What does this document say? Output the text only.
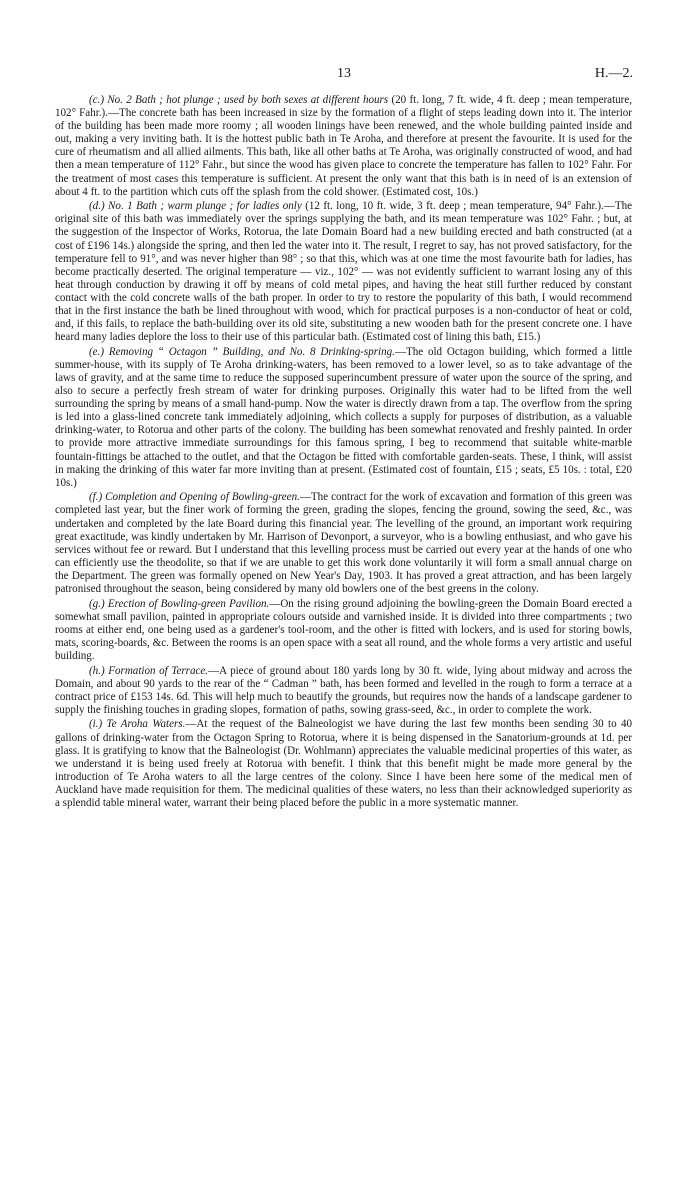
13	H.—2.

(c.) No. 2 Bath ; hot plunge ; used by both sexes at different hours (20 ft. long, 7 ft. wide, 4 ft. deep ; mean temperature, 102° Fahr.).—The concrete bath has been increased in size by the formation of a flight of steps leading down into it. The interior of the building has been made more roomy ; all wooden linings have been renewed, and the whole building painted inside and out, making a very inviting bath. It is the hottest public bath in Te Aroha, and therefore at present the favourite. It is used for the cure of rheumatism and all allied ailments. This bath, like all other baths at Te Aroha, was originally constructed of wood, and had then a mean temperature of 112° Fahr., but since the wood has given place to concrete the temperature has fallen to 102° Fahr. For the treatment of most cases this temperature is sufficient. At present the only want that this bath is in need of is an extension of about 4 ft. to the partition which cuts off the splash from the cold shower. (Estimated cost, 10s.)

(d.) No. 1 Bath ; warm plunge ; for ladies only (12 ft. long, 10 ft. wide, 3 ft. deep ; mean temperature, 94° Fahr.).—The original site of this bath was immediately over the springs supplying the bath, and its mean temperature was 102° Fahr. ; but, at the suggestion of the Inspector of Works, Rotorua, the late Domain Board had a new building erected and bath constructed (at a cost of £196 14s.) alongside the spring, and then led the water into it. The result, I regret to say, has not proved satisfactory, for the temperature fell to 91°, and was never higher than 98° ; so that this, which was at one time the most favourite bath for ladies, has become practically deserted. The original temperature — viz., 102° — was not evidently sufficient to warrant losing any of this heat through conduction by drawing it off by means of cold metal pipes, and having the heat still further reduced by constant contact with the cold concrete walls of the bath proper. In order to try to restore the popularity of this bath, I would recommend that in the first instance the bath be lined throughout with wood, which for practical purposes is a non-conductor of heat or cold, and, if this fails, to replace the bath-building over its old site, substituting a new wooden bath for the present concrete one. I have heard many ladies deplore the loss to their use of this particular bath. (Estimated cost of lining this bath, £15.)

(e.) Removing “ Octagon ” Building, and No. 8 Drinking-spring.—The old Octagon building, which formed a little summer-house, with its supply of Te Aroha drinking-waters, has been removed to a lower level, so as to take advantage of the laws of gravity, and at the same time to reduce the supposed superincumbent pressure of water upon the source of the spring, and also to secure a perfectly fresh stream of water for drinking purposes. Originally this water had to be lifted from the well surrounding the spring by means of a small hand-pump. Now the water is directly drawn from a tap. The overflow from the spring is led into a glass-lined concrete tank immediately adjoining, which collects a supply for purposes of distribution, as a valuable drinking-water, to Rotorua and other parts of the colony. The building has been somewhat renovated and freshly painted. In order to provide more attractive immediate surroundings for this famous spring, I beg to recommend that suitable white-marble fountain-fittings be attached to the outlet, and that the Octagon be fitted with comfortable garden-seats. These, I think, will assist in making the drinking of this water far more inviting than at present. (Estimated cost of fountain, £15 ; seats, £5 10s. : total, £20 10s.)

(f.) Completion and Opening of Bowling-green.—The contract for the work of excavation and formation of this green was completed last year, but the finer work of forming the green, grading the slopes, fencing the ground, sowing the seed, &c., was undertaken and completed by the late Board during this financial year. The levelling of the ground, an important work requiring great exactitude, was kindly undertaken by Mr. Harrison of Devonport, a surveyor, who is a bowling enthusiast, and who gave his services without fee or reward. But I understand that this levelling process must be carried out every year at the hands of one who can efficiently use the theodolite, so that if we are unable to get this work done voluntarily it will form a small annual charge on the Department. The green was formally opened on New Year's Day, 1903. It has proved a great attraction, and has been largely patronised throughout the season, being considered by many old bowlers one of the best greens in the colony.

(g.) Erection of Bowling-green Pavilion.—On the rising ground adjoining the bowling-green the Domain Board erected a somewhat small pavilion, painted in appropriate colours outside and varnished inside. It is divided into three compartments ; two rooms at either end, one being used as a gardener's tool-room, and the other is fitted with lockers, and is used for storing bowls, mats, scoring-boards, &c. Between the rooms is an open space with a seat all round, and the whole forms a very artistic and useful building.

(h.) Formation of Terrace.—A piece of ground about 180 yards long by 30 ft. wide, lying about midway and across the Domain, and about 90 yards to the rear of the “ Cadman ” bath, has been formed and levelled in the rough to form a terrace at a contract price of £153 14s. 6d. This will help much to beautify the grounds, but requires now the hands of a landscape gardener to supply the finishing touches in grading slopes, formation of paths, sowing grass-seed, &c., in order to complete the work.

(i.) Te Aroha Waters.—At the request of the Balneologist we have during the last few months been sending 30 to 40 gallons of drinking-water from the Octagon Spring to Rotorua, where it is being dispensed in the Sanatorium-grounds at 1d. per glass. It is gratifying to know that the Balneologist (Dr. Wohlmann) appreciates the valuable medicinal properties of this water, as we understand it is being used freely at Rotorua with benefit. I think that this benefit might be made more general by the introduction of Te Aroha waters to all the large centres of the colony. Since I have been here some of the medical men of Auckland have made requisition for them. The medicinal qualities of these waters, no less than their acknowledged superiority as a splendid table mineral water, warrant their being placed before the public in a more systematic manner.
